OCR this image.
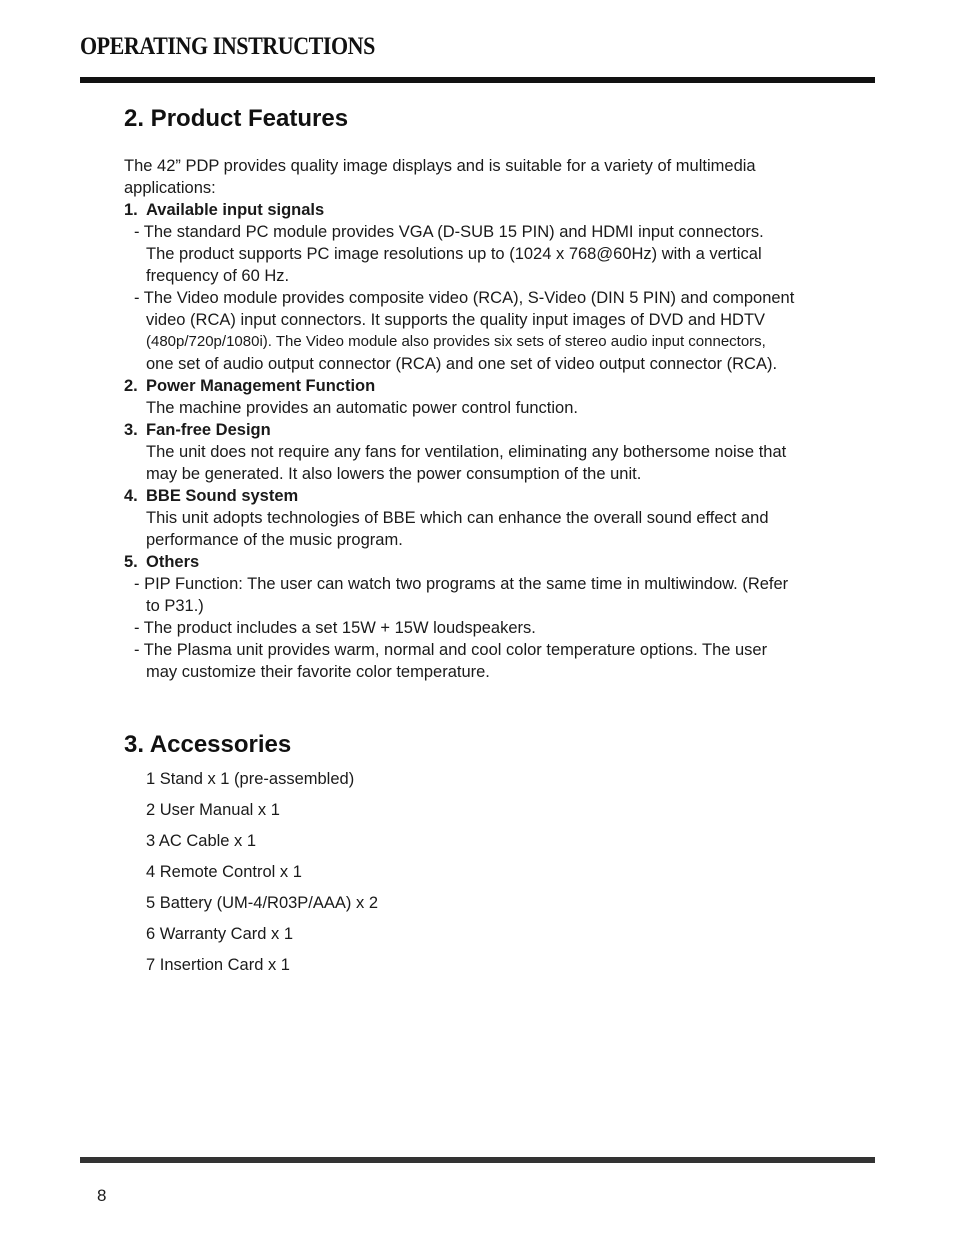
OPERATING INSTRUCTIONS
2. Product Features
The 42” PDP provides quality image displays and is suitable for a variety of multimedia
applications:
1. Available input signals
- The standard PC module provides VGA (D-SUB 15 PIN) and HDMI input connectors.
The product supports PC image resolutions up to (1024 x 768@60Hz) with a vertical
frequency of 60 Hz.
- The Video module provides composite video (RCA), S-Video (DIN 5 PIN) and component
video (RCA) input connectors. It supports the quality input images of DVD and HDTV
(480p/720p/1080i). The Video module also provides six sets of stereo audio input connectors,
one set of audio output connector (RCA) and one set of video output connector (RCA).
2. Power Management Function
The machine provides an automatic power control function.
3. Fan-free Design
The unit does not require any fans for ventilation, eliminating any bothersome noise that
may be generated. It also lowers the power consumption of the unit.
4. BBE Sound system
This unit adopts technologies of BBE which can enhance the overall sound effect and
performance of the music program.
5. Others
- PIP Function: The user can watch two programs at the same time in multiwindow. (Refer
to P31.)
- The product includes a set 15W + 15W loudspeakers.
- The Plasma unit provides warm, normal and cool color temperature options. The user
may customize their favorite color temperature.
3. Accessories
1 Stand x 1 (pre-assembled)
2 User Manual x 1
3 AC Cable x 1
4 Remote Control x 1
5 Battery (UM-4/R03P/AAA) x 2
6 Warranty Card x 1
7 Insertion Card x 1
8
